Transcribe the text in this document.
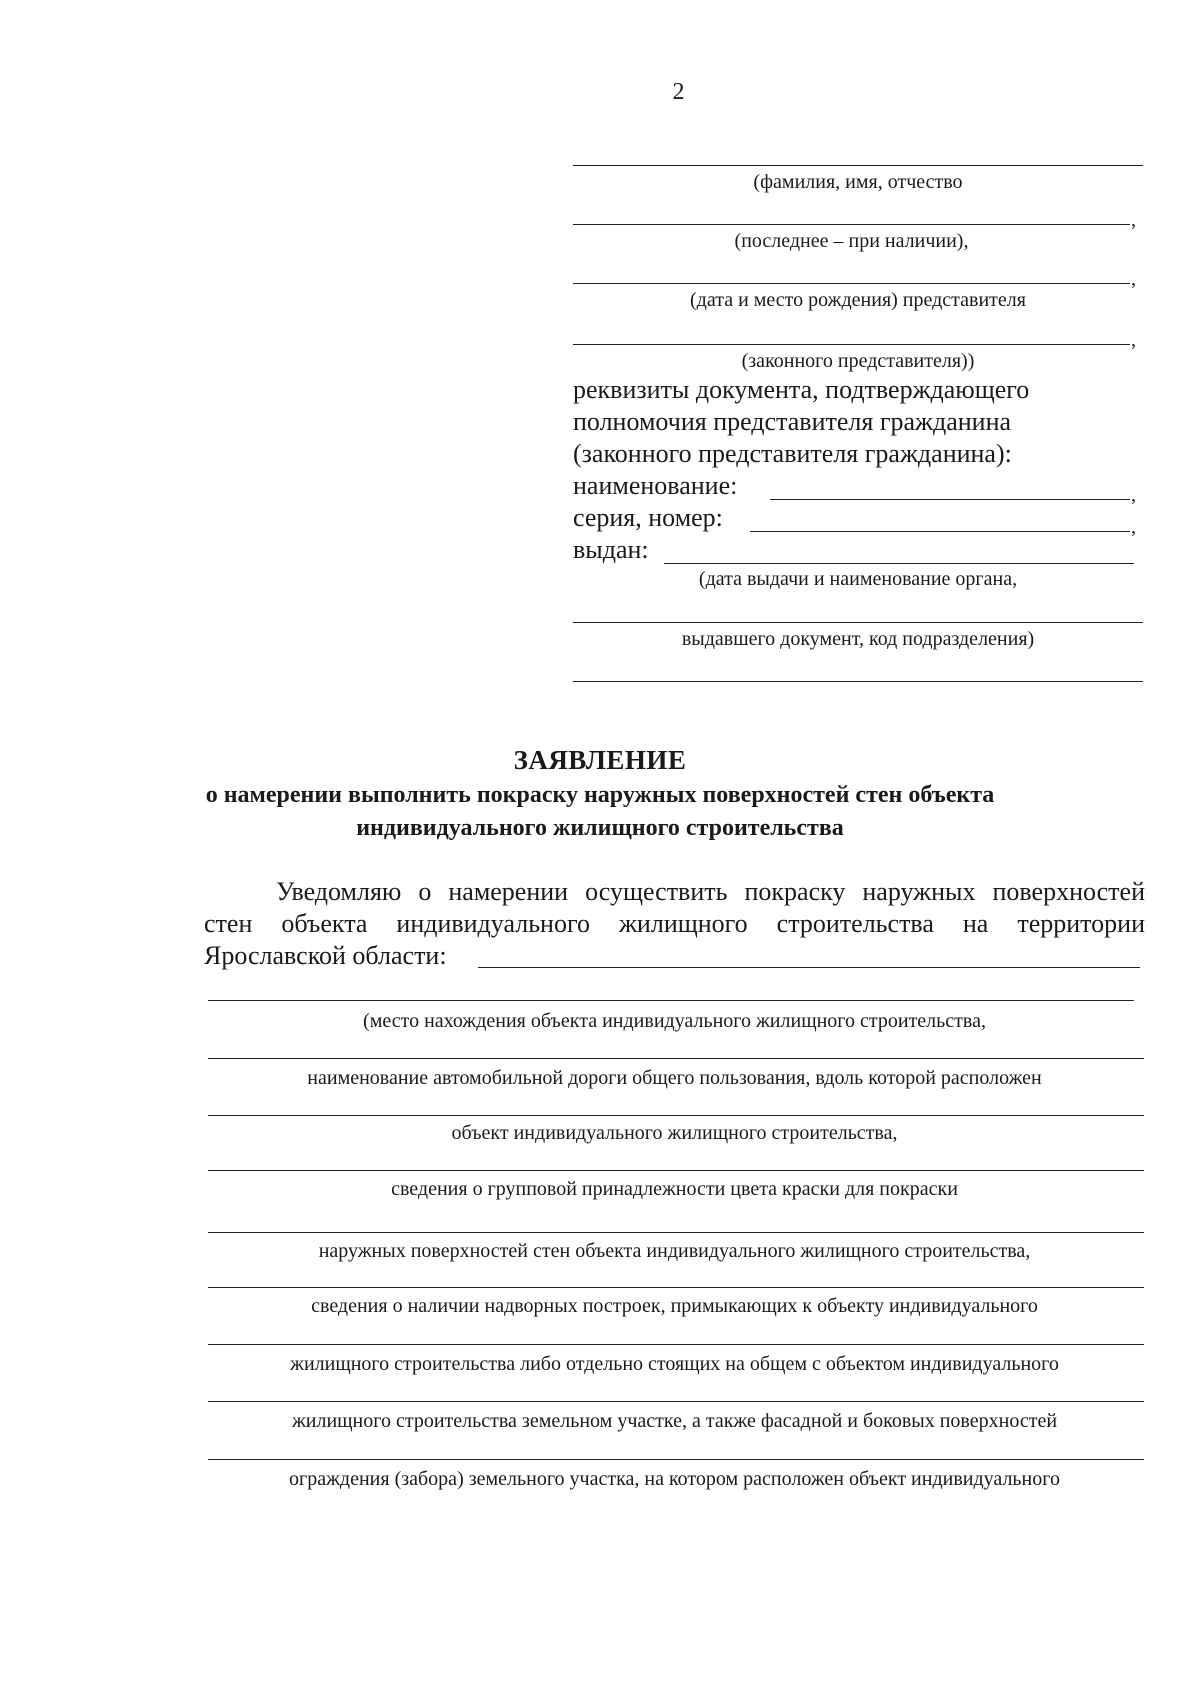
2
(фамилия, имя, отчество
,
(последнее – при наличии),
,
(дата и место рождения) представителя
,
(законного представителя))
реквизиты документа, подтверждающего
полномочия представителя гражданина
(законного представителя гражданина):
наименование:	,
серия, номер:	,
выдан:
(дата выдачи и наименование органа,
выдавшего документ, код подразделения)
ЗАЯВЛЕНИЕ
о намерении выполнить покраску наружных поверхностей стен объекта
индивидуального жилищного строительства
Уведомляю о намерении осуществить покраску наружных поверхностей
стен объекта индивидуального жилищного строительства на территории
Ярославской области:
(место нахождения объекта индивидуального жилищного строительства,
наименование автомобильной дороги общего пользования, вдоль которой расположен
объект индивидуального жилищного строительства,
сведения о групповой принадлежности цвета краски для покраски
наружных поверхностей стен объекта индивидуального жилищного строительства,
сведения о наличии надворных построек, примыкающих к объекту индивидуального
жилищного строительства либо отдельно стоящих на общем с объектом индивидуального
жилищного строительства земельном участке, а также фасадной и боковых поверхностей
ограждения (забора) земельного участка, на котором расположен объект индивидуального
